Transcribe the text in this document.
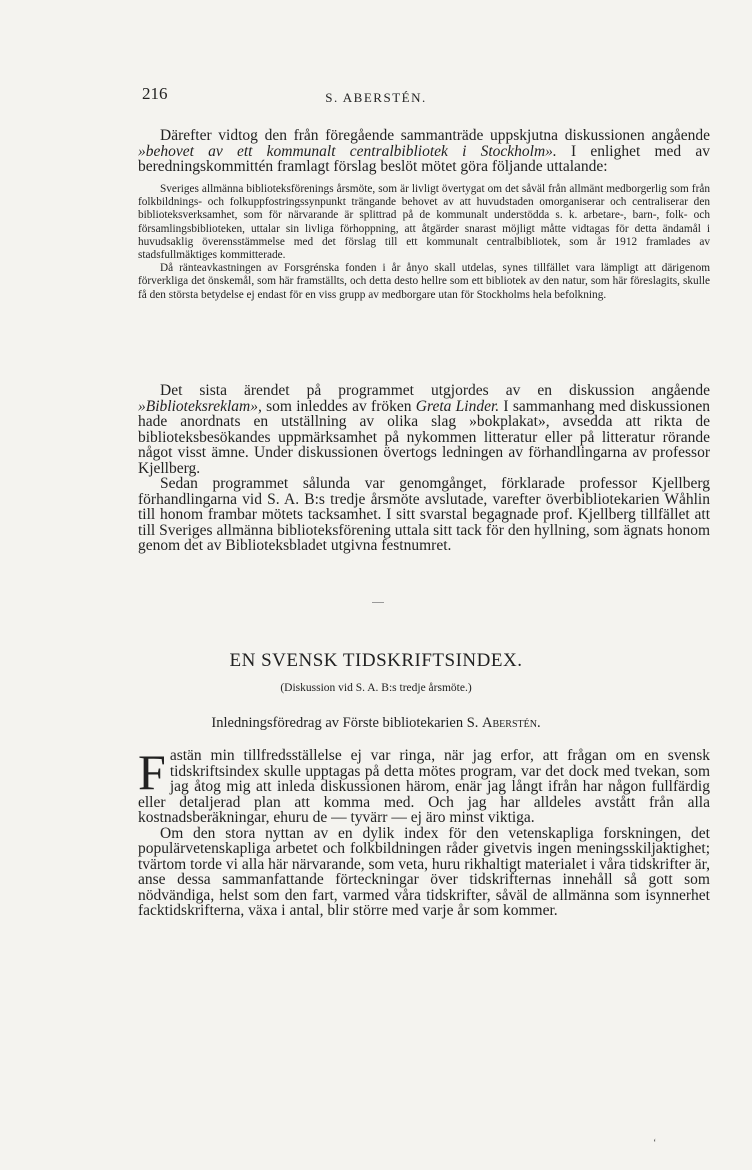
216	S. ABERSTÉN.

Därefter vidtog den från föregående sammanträde uppskjutna diskussionen angående »behovet av ett kommunalt centralbibliotek i Stockholm». I enlighet med av beredningskommittén framlagt förslag beslöt mötet göra följande uttalande:

Sveriges allmänna biblioteksförenings årsmöte, som är livligt övertygat om det såväl från allmänt medborgerlig som från folkbildnings- och folkuppfostringssynpunkt trängande behovet av att huvudstaden omorganiserar och centraliserar den biblioteksverksamhet, som för närvarande är splittrad på de kommunalt understödda s. k. arbetare-, barn-, folk- och församlingsbiblioteken, uttalar sin livliga förhoppning, att åtgärder snarast möjligt måtte vidtagas för detta ändamål i huvudsaklig överensstämmelse med det förslag till ett kommunalt centralbibliotek, som år 1912 framlades av stadsfullmäktiges kommitterade.

Då ränteavkastningen av Forsgrénska fonden i år ånyo skall utdelas, synes tillfället vara lämpligt att därigenom förverkliga det önskemål, som här framställts, och detta desto hellre som ett bibliotek av den natur, som här föreslagits, skulle få den största betydelse ej endast för en viss grupp av medborgare utan för Stockholms hela befolkning.

Det sista ärendet på programmet utgjordes av en diskussion angående »Biblioteksreklam», som inleddes av fröken Greta Linder. I sammanhang med diskussionen hade anordnats en utställning av olika slag »bokplakat», avsedda att rikta de biblioteksbesökandes uppmärksamhet på nykommen litteratur eller på litteratur rörande något visst ämne. Under diskussionen övertogs ledningen av förhandlingarna av professor Kjellberg.

Sedan programmet sålunda var genomgånget, förklarade professor Kjellberg förhandlingarna vid S. A. B:s tredje årsmöte avslutade, varefter överbibliotekarien Wåhlin till honom frambar mötets tacksamhet. I sitt svarstal begagnade prof. Kjellberg tillfället att till Sveriges allmänna biblioteksförening uttala sitt tack för den hyllning, som ägnats honom genom det av Biblioteksbladet utgivna festnumret.

EN SVENSK TIDSKRIFTSINDEX.
(Diskussion vid S. A. B:s tredje årsmöte.)
Inledningsföredrag av Förste bibliotekarien S. Aberstén.

Fastän min tillfredsställelse ej var ringa, när jag erfor, att frågan om en svensk tidskriftsindex skulle upptagas på detta mötes program, var det dock med tvekan, som jag åtog mig att inleda diskussionen härom, enär jag långt ifrån har någon fullfärdig eller detaljerad plan att komma med. Och jag har alldeles avstått från alla kostnadsberäkningar, ehuru de — tyvärr — ej äro minst viktiga.

Om den stora nyttan av en dylik index för den vetenskapliga forskningen, det populärvetenskapliga arbetet och folkbildningen råder givetvis ingen meningsskiljaktighet; tvärtom torde vi alla här närvarande, som veta, huru rikhaltigt materialet i våra tidskrifter är, anse dessa sammanfattande förteckningar över tidskrifternas innehåll så gott som nödvändiga, helst som den fart, varmed våra tidskrifter, såväl de allmänna som isynnerhet facktidskrifterna, växa i antal, blir större med varje år som kommer.

ʻ
